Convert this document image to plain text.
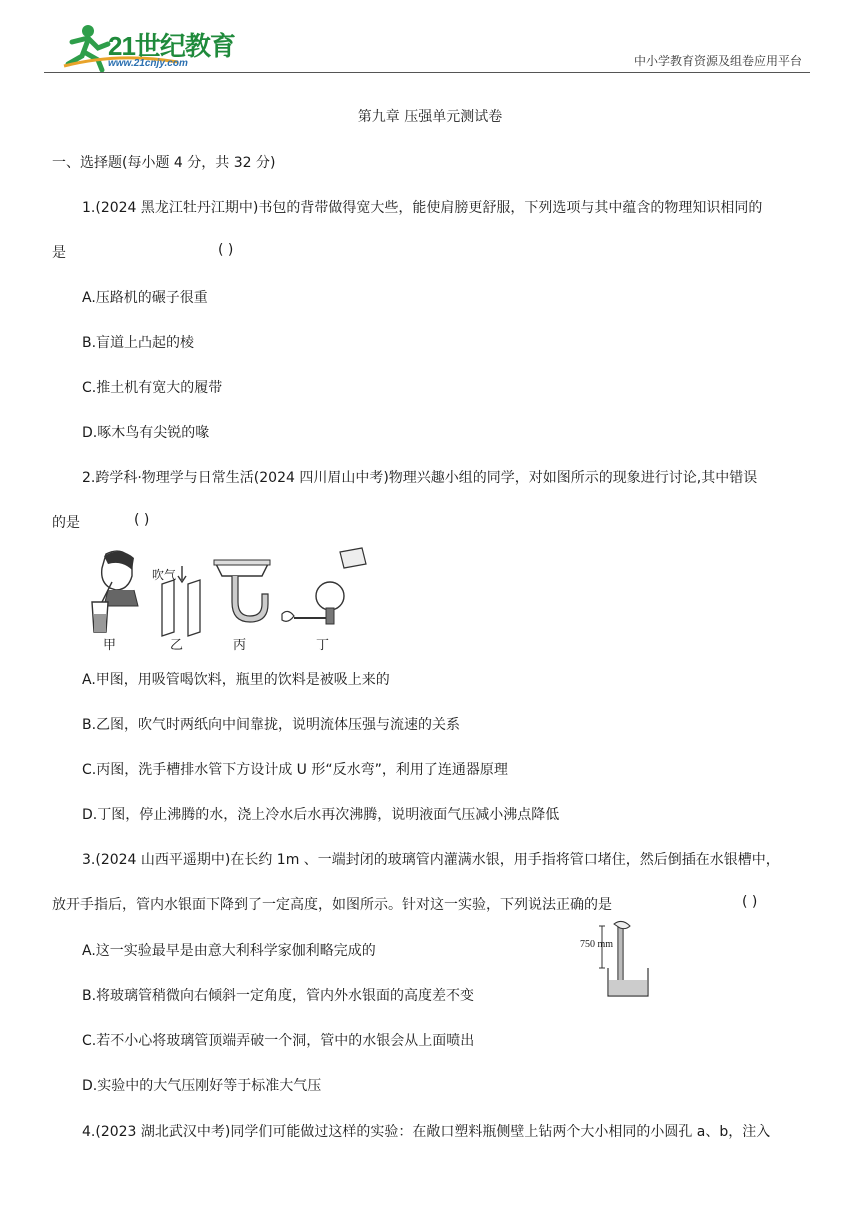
21世纪教育
www.21cnjy.com	中小学教育资源及组卷应用平台
第九章 压强单元测试卷
一、选择题(每小题 4 分，共 32 分)
1.(2024 黑龙江牡丹江期中)书包的背带做得宽大些，能使肩膀更舒服，下列选项与其中蕴含的物理知识相同的
是	( )
A.压路机的碾子很重
B.盲道上凸起的棱
C.推土机有宽大的履带
D.啄木鸟有尖锐的喙
2.跨学科·物理学与日常生活(2024 四川眉山中考)物理兴趣小组的同学，对如图所示的现象进行讨论,其中错误
的是	( )
甲	乙	丙	丁
吹气
A.甲图，用吸管喝饮料，瓶里的饮料是被吸上来的
B.乙图，吹气时两纸向中间靠拢，说明流体压强与流速的关系
C.丙图，洗手槽排水管下方设计成 U 形“反水弯”，利用了连通器原理
D.丁图，停止沸腾的水，浇上冷水后水再次沸腾，说明液面气压减小沸点降低
3.(2024 山西平遥期中)在长约 1m 、一端封闭的玻璃管内灌满水银，用手指将管口堵住，然后倒插在水银槽中，
放开手指后，管内水银面下降到了一定高度，如图所示。针对这一实验，下列说法正确的是	( )
750 mm
A.这一实验最早是由意大利科学家伽利略完成的
B.将玻璃管稍微向右倾斜一定角度，管内外水银面的高度差不变
C.若不小心将玻璃管顶端弄破一个洞，管中的水银会从上面喷出
D.实验中的大气压刚好等于标准大气压
4.(2023 湖北武汉中考)同学们可能做过这样的实验：在敞口塑料瓶侧壁上钻两个大小相同的小圆孔 a、b，注入
